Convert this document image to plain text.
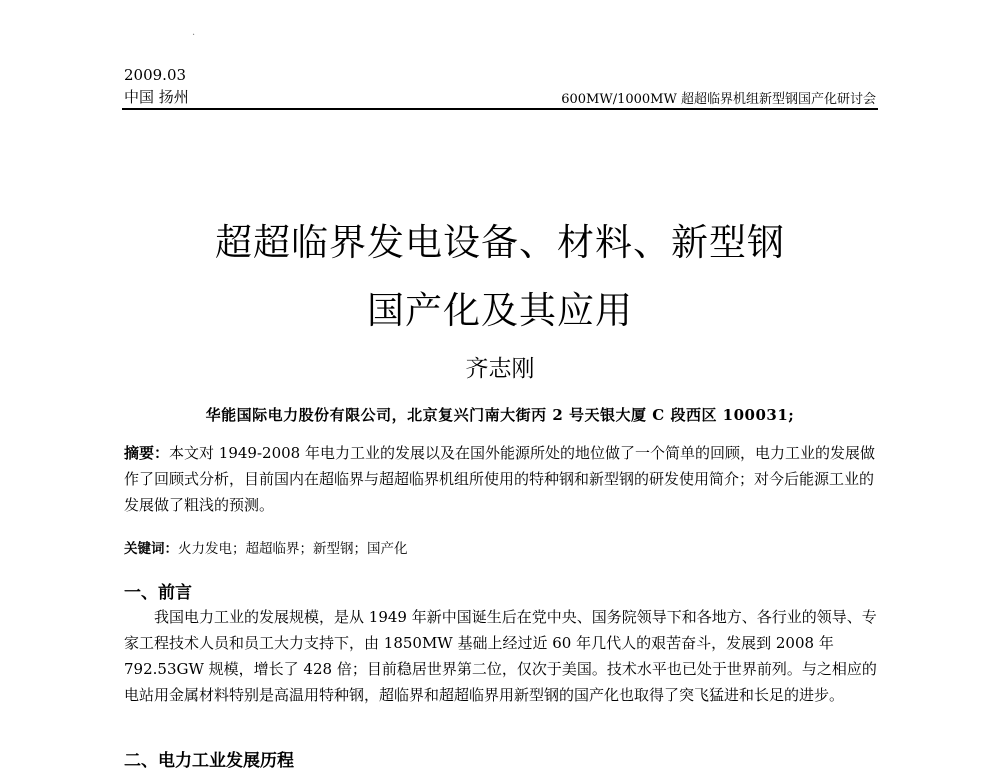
·
2009.03
中国 扬州	600MW/1000MW 超超临界机组新型钢国产化研讨会
超超临界发电设备、材料、新型钢
国产化及其应用
齐志刚
华能国际电力股份有限公司，北京复兴门南大街丙 2 号天银大厦 C 段西区 100031;
摘要：本文对 1949-2008 年电力工业的发展以及在国外能源所处的地位做了一个简单的回顾，电力工业的发展做作了回顾式分析，目前国内在超临界与超超临界机组所使用的特种钢和新型钢的研发使用简介；对今后能源工业的发展做了粗浅的预测。
关键词：火力发电；超超临界；新型钢；国产化
一、前言
我国电力工业的发展规模，是从 1949 年新中国诞生后在党中央、国务院领导下和各地方、各行业的领导、专家工程技术人员和员工大力支持下，由 1850MW 基础上经过近 60 年几代人的艰苦奋斗，发展到 2008 年 792.53GW 规模，增长了 428 倍；目前稳居世界第二位，仅次于美国。技术水平也已处于世界前列。与之相应的电站用金属材料特别是高温用特种钢，超临界和超超临界用新型钢的国产化也取得了突飞猛进和长足的进步。
二、电力工业发展历程
